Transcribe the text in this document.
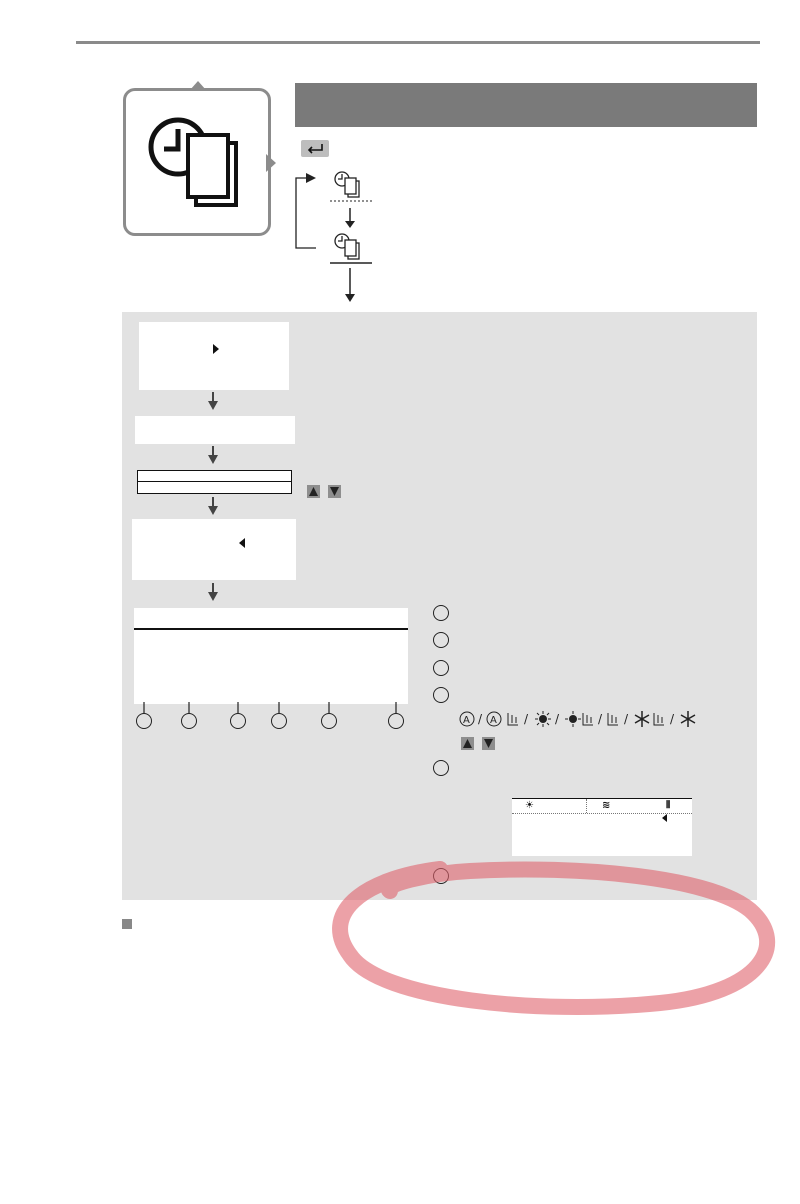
A / A / /	/ /	/

☀	≋	⫴
